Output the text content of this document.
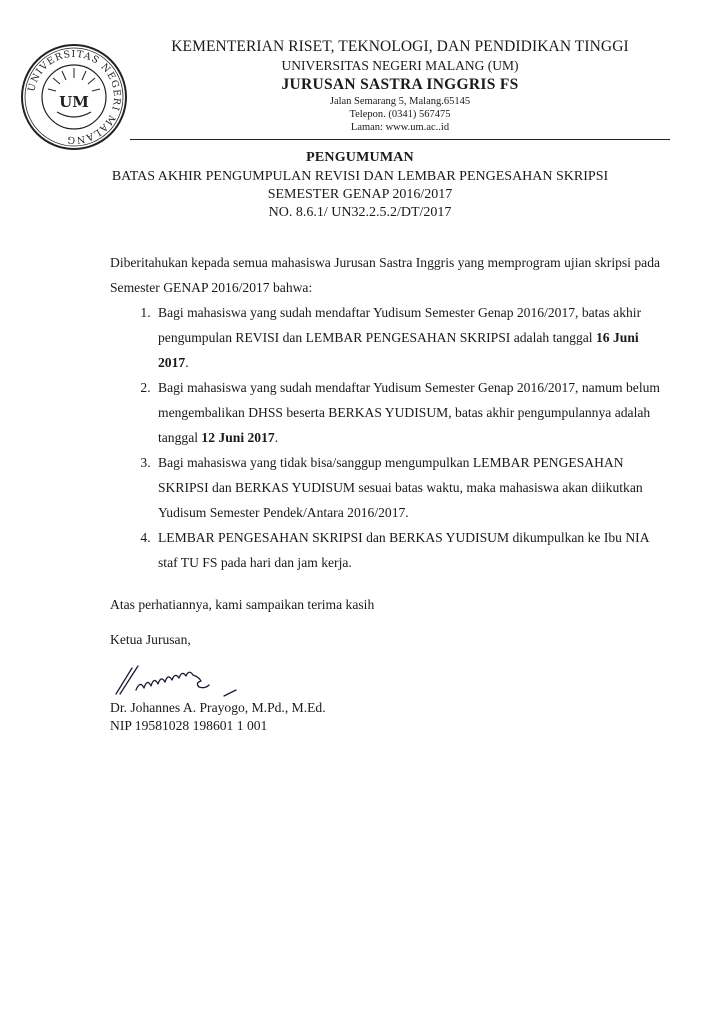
UNIVERSITAS NEGERI MALANG
UM
KEMENTERIAN RISET, TEKNOLOGI, DAN PENDIDIKAN TINGGI
UNIVERSITAS NEGERI MALANG (UM)
JURUSAN SASTRA INGGRIS FS
Jalan Semarang 5, Malang.65145
Telepon. (0341) 567475
Laman: www.um.ac..id
PENGUMUMAN
BATAS AKHIR PENGUMPULAN REVISI DAN LEMBAR PENGESAHAN SKRIPSI
SEMESTER GENAP 2016/2017
NO. 8.6.1/ UN32.2.5.2/DT/2017

Diberitahukan kepada semua mahasiswa Jurusan Sastra Inggris yang memprogram ujian skripsi pada Semester GENAP 2016/2017 bahwa:

1. Bagi mahasiswa yang sudah mendaftar Yudisum Semester Genap 2016/2017, batas akhir pengumpulan REVISI dan LEMBAR PENGESAHAN SKRIPSI adalah tanggal 16 Juni 2017.
2. Bagi mahasiswa yang sudah mendaftar Yudisum Semester Genap 2016/2017, namum belum mengembalikan DHSS beserta BERKAS YUDISUM, batas akhir pengumpulannya adalah tanggal 12 Juni 2017.
3. Bagi mahasiswa yang tidak bisa/sanggup mengumpulkan LEMBAR PENGESAHAN SKRIPSI dan BERKAS YUDISUM sesuai batas waktu, maka mahasiswa akan diikutkan Yudisum Semester Pendek/Antara 2016/2017.
4. LEMBAR PENGESAHAN SKRIPSI dan BERKAS YUDISUM dikumpulkan ke Ibu NIA staf TU FS pada hari dan jam kerja.
Atas perhatiannya, kami sampaikan terima kasih
Ketua Jurusan,
Dr. Johannes A. Prayogo, M.Pd., M.Ed.
NIP 19581028 198601 1 001
